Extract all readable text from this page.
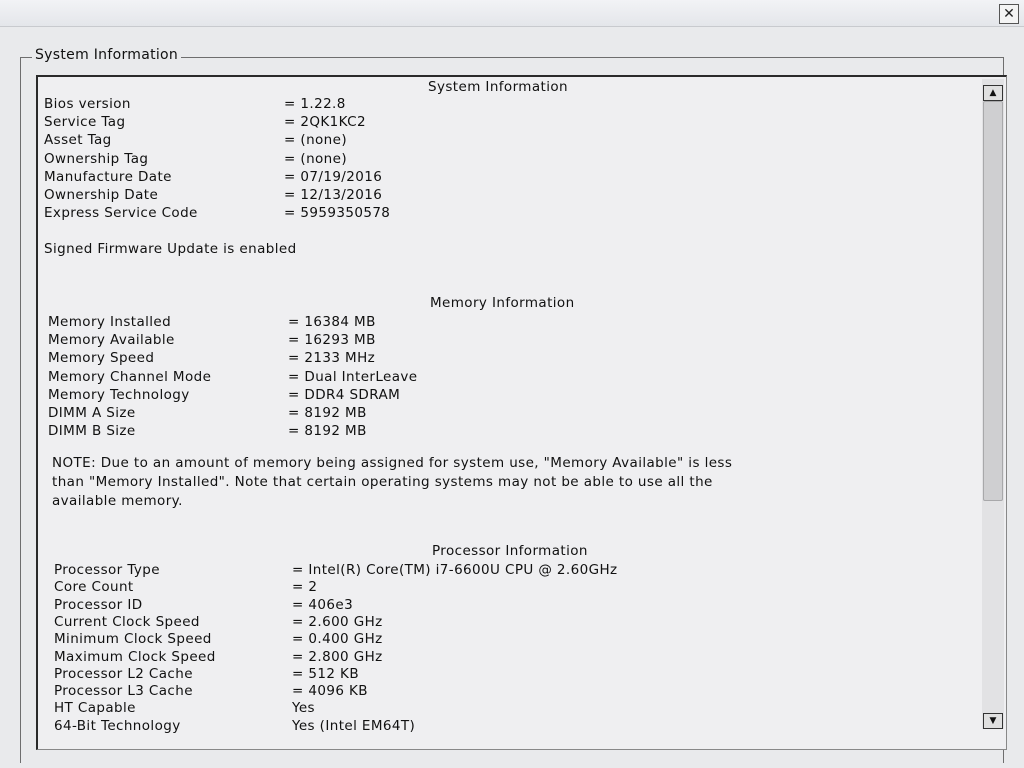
✕
System Information
System Information
Bios version	= 1.22.8
Service Tag	= 2QK1KC2
Asset Tag	= (none)
Ownership Tag	= (none)
Manufacture Date	= 07/19/2016
Ownership Date	= 12/13/2016
Express Service Code	= 5959350578
Signed Firmware Update is enabled
Memory Information
Memory Installed	= 16384 MB
Memory Available	= 16293 MB
Memory Speed	= 2133 MHz
Memory Channel Mode	= Dual InterLeave
Memory Technology	= DDR4 SDRAM
DIMM A Size	= 8192 MB
DIMM B Size	= 8192 MB
NOTE: Due to an amount of memory being assigned for system use, "Memory Available" is less
than "Memory Installed". Note that certain operating systems may not be able to use all the
available memory.
Processor Information
Processor Type	= Intel(R) Core(TM) i7-6600U CPU @ 2.60GHz
Core Count	= 2
Processor ID	= 406e3
Current Clock Speed	= 2.600 GHz
Minimum Clock Speed	= 0.400 GHz
Maximum Clock Speed	= 2.800 GHz
Processor L2 Cache	= 512 KB
Processor L3 Cache	= 4096 KB
HT Capable	Yes
64-Bit Technology	Yes (Intel EM64T)
▲
▼
